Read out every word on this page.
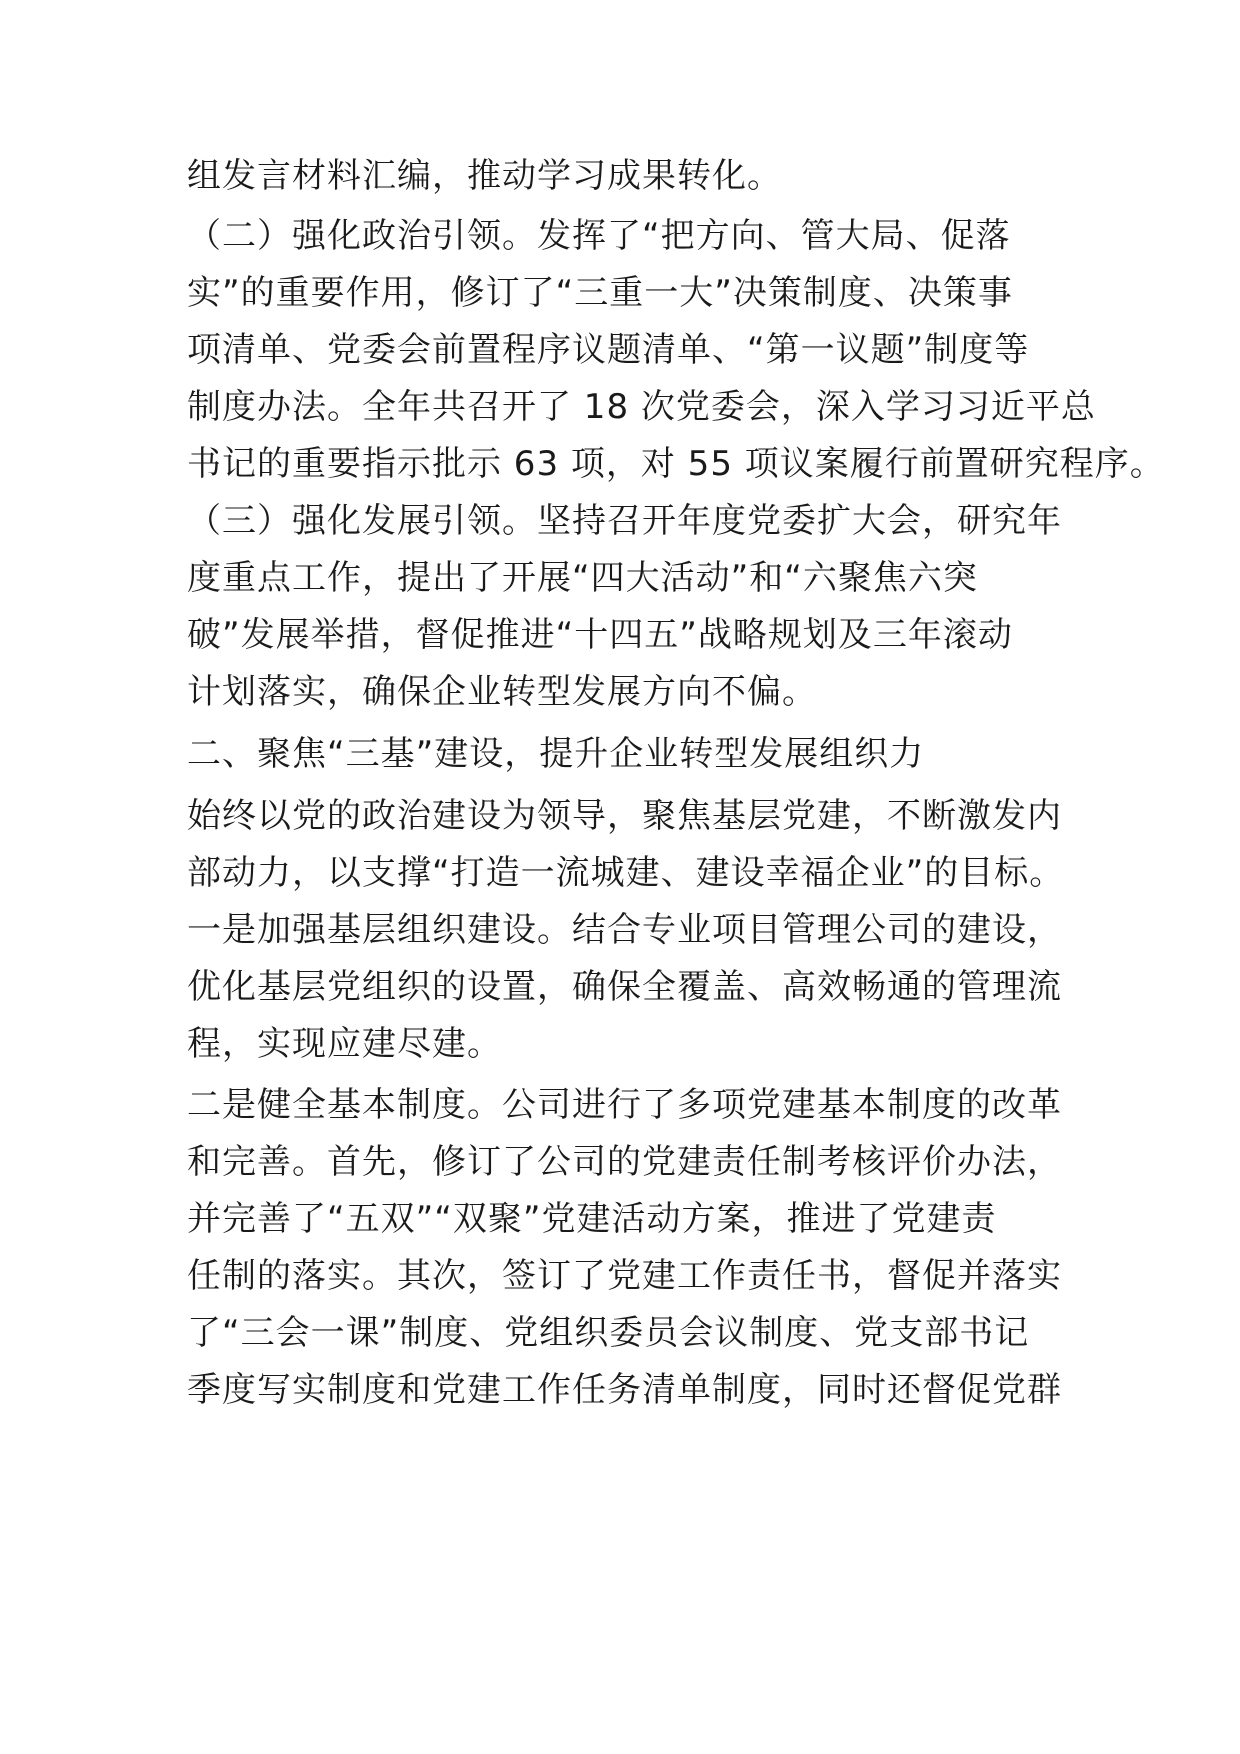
组发言材料汇编，推动学习成果转化。
（二）强化政治引领。发挥了“把方向、管大局、促落
实”的重要作用，修订了“三重一大”决策制度、决策事
项清单、党委会前置程序议题清单、“第一议题”制度等
制度办法。全年共召开了 18 次党委会，深入学习习近平总
书记的重要指示批示 63 项，对 55 项议案履行前置研究程序。
（三）强化发展引领。坚持召开年度党委扩大会，研究年
度重点工作，提出了开展“四大活动”和“六聚焦六突
破”发展举措，督促推进“十四五”战略规划及三年滚动
计划落实，确保企业转型发展方向不偏。
二、聚焦“三基”建设，提升企业转型发展组织力
始终以党的政治建设为领导，聚焦基层党建，不断激发内
部动力，以支撑“打造一流城建、建设幸福企业”的目标。
一是加强基层组织建设。结合专业项目管理公司的建设，
优化基层党组织的设置，确保全覆盖、高效畅通的管理流
程，实现应建尽建。
二是健全基本制度。公司进行了多项党建基本制度的改革
和完善。首先，修订了公司的党建责任制考核评价办法，
并完善了“五双”“双聚”党建活动方案，推进了党建责
任制的落实。其次，签订了党建工作责任书，督促并落实
了“三会一课”制度、党组织委员会议制度、党支部书记
季度写实制度和党建工作任务清单制度，同时还督促党群
